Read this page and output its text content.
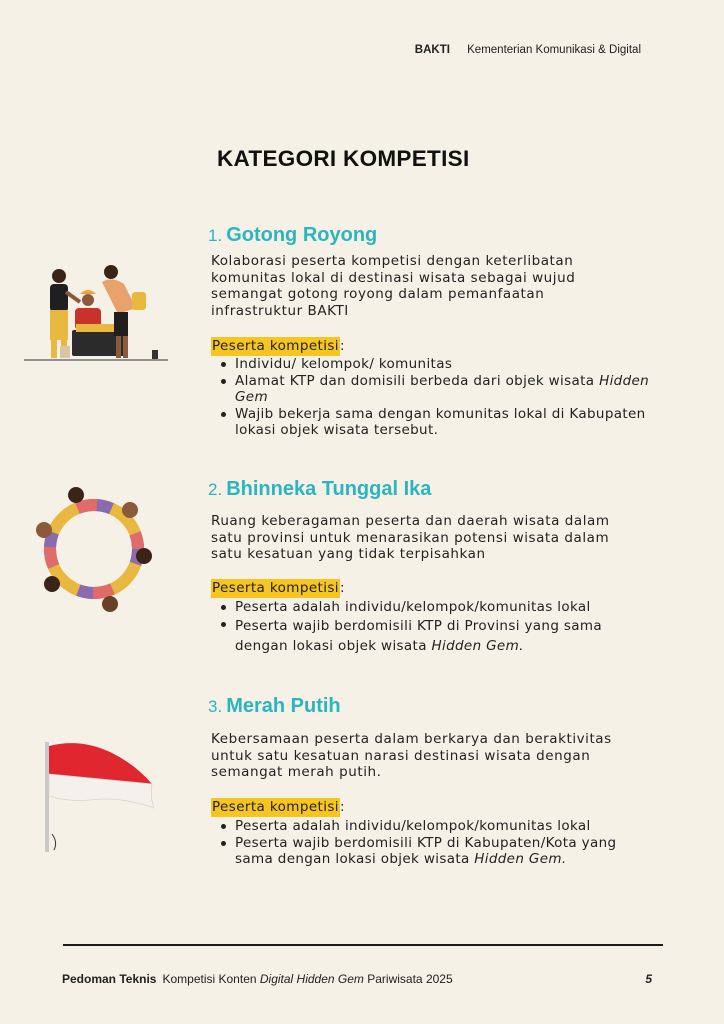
BAKTI Kementerian Komunikasi & Digital
KATEGORI KOMPETISI
1. Gotong Royong
Kolaborasi peserta kompetisi dengan keterlibatan komunitas lokal di destinasi wisata sebagai wujud semangat gotong royong dalam pemanfaatan infrastruktur BAKTI
Peserta kompetisi:
Individu/ kelompok/ komunitas
Alamat KTP dan domisili berbeda dari objek wisata Hidden Gem
Wajib bekerja sama dengan komunitas lokal di Kabupaten lokasi objek wisata tersebut.
2. Bhinneka Tunggal Ika
Ruang keberagaman peserta dan daerah wisata dalam satu provinsi untuk menarasikan potensi wisata dalam satu kesatuan yang tidak terpisahkan
Peserta kompetisi:
Peserta adalah individu/kelompok/komunitas lokal
Peserta wajib berdomisili KTP di Provinsi yang sama dengan lokasi objek wisata Hidden Gem.
3. Merah Putih
Kebersamaan peserta dalam berkarya dan beraktivitas untuk satu kesatuan narasi destinasi wisata dengan semangat merah putih.
Peserta kompetisi:
Peserta adalah individu/kelompok/komunitas lokal
Peserta wajib berdomisili KTP di Kabupaten/Kota yang sama dengan lokasi objek wisata Hidden Gem.
Pedoman Teknis Kompetisi Konten Digital Hidden Gem Pariwisata 2025	5
